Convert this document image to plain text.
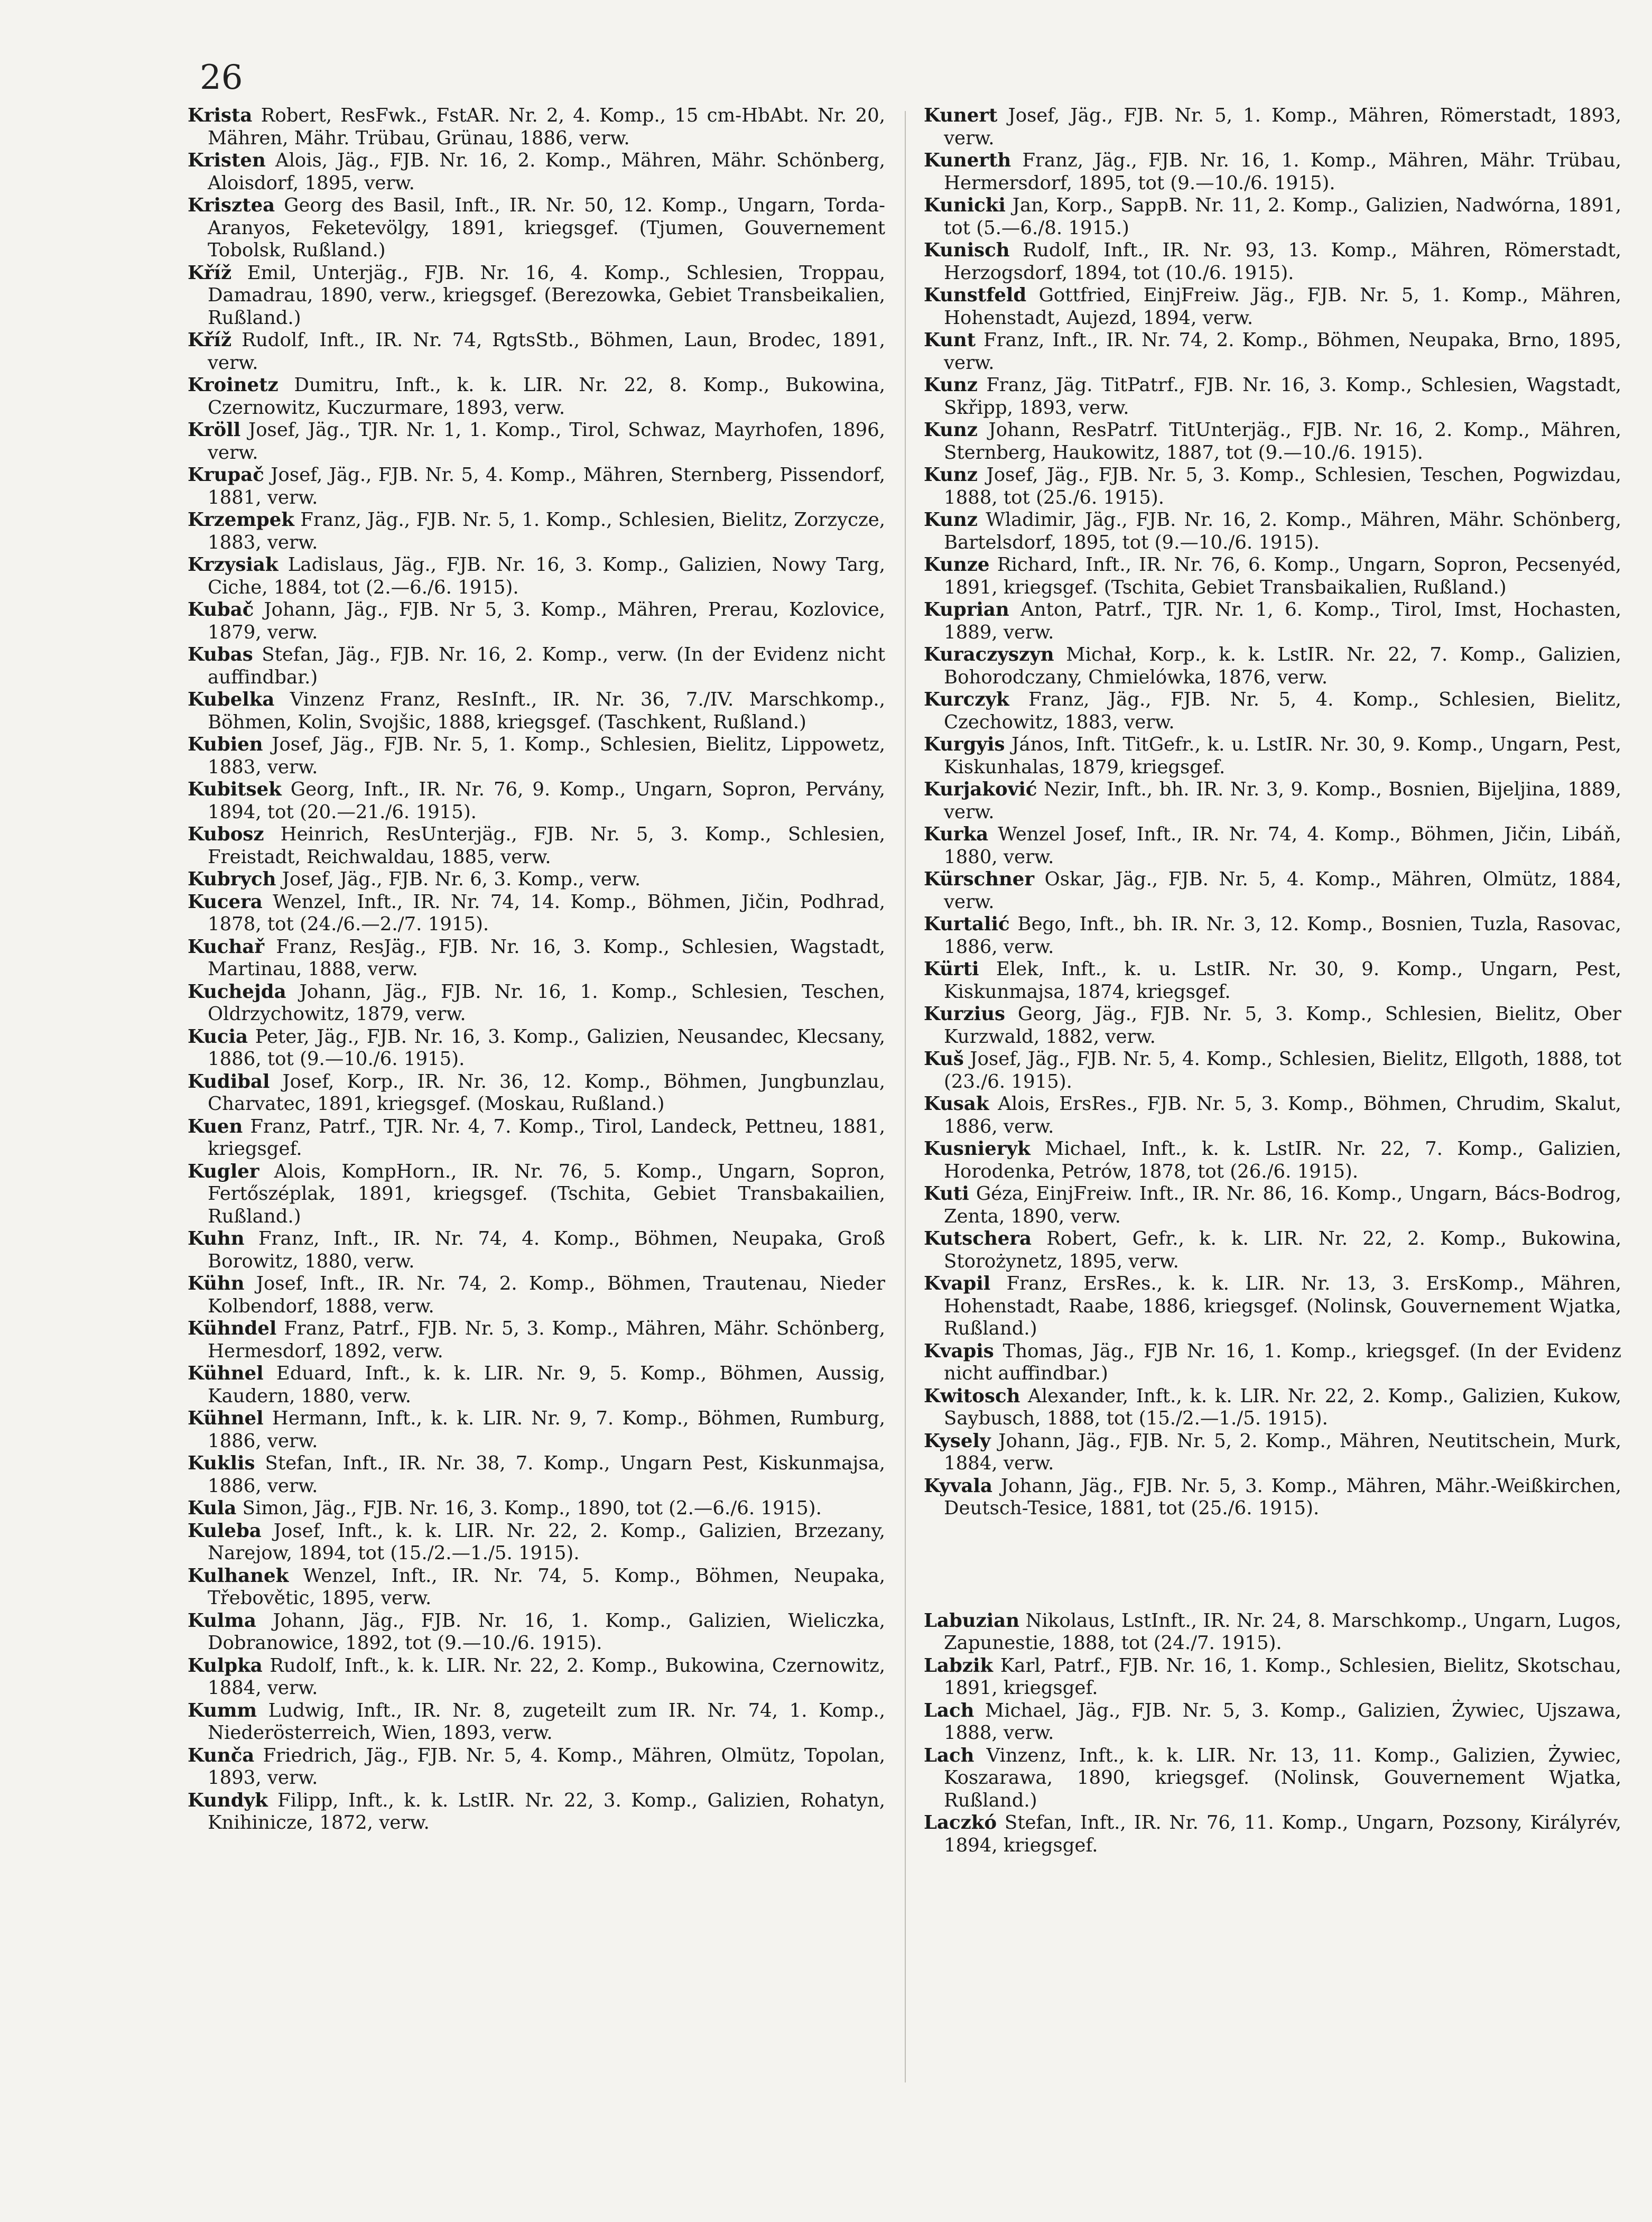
26
Krista Robert, ResFwk., FstAR. Nr. 2, 4. Komp., 15 cm-HbAbt. Nr. 20, Mähren, Mähr. Trübau, Grünau, 1886, verw.
Kristen Alois, Jäg., FJB. Nr. 16, 2. Komp., Mähren, Mähr. Schönberg, Aloisdorf, 1895, verw.
Krisztea Georg des Basil, Inft., IR. Nr. 50, 12. Komp., Ungarn, Torda-Aranyos, Feketevölgy, 1891, kriegsgef. (Tjumen, Gouvernement Tobolsk, Rußland.)
Kříž Emil, Unterjäg., FJB. Nr. 16, 4. Komp., Schlesien, Troppau, Damadrau, 1890, verw., kriegsgef. (Berezowka, Gebiet Transbeikalien, Rußland.)
Kříž Rudolf, Inft., IR. Nr. 74, RgtsStb., Böhmen, Laun, Brodec, 1891, verw.
Kroinetz Dumitru, Inft., k. k. LIR. Nr. 22, 8. Komp., Bukowina, Czernowitz, Kuczurmare, 1893, verw.
Kröll Josef, Jäg., TJR. Nr. 1, 1. Komp., Tirol, Schwaz, Mayrhofen, 1896, verw.
Krupač Josef, Jäg., FJB. Nr. 5, 4. Komp., Mähren, Sternberg, Pissendorf, 1881, verw.
Krzempek Franz, Jäg., FJB. Nr. 5, 1. Komp., Schlesien, Bielitz, Zorzycze, 1883, verw.
Krzysiak Ladislaus, Jäg., FJB. Nr. 16, 3. Komp., Galizien, Nowy Targ, Ciche, 1884, tot (2.—6./6. 1915).
Kubač Johann, Jäg., FJB. Nr 5, 3. Komp., Mähren, Prerau, Kozlovice, 1879, verw.
Kubas Stefan, Jäg., FJB. Nr. 16, 2. Komp., verw. (In der Evidenz nicht auffindbar.)
Kubelka Vinzenz Franz, ResInft., IR. Nr. 36, 7./IV. Marschkomp., Böhmen, Kolin, Svojšic, 1888, kriegsgef. (Taschkent, Rußland.)
Kubien Josef, Jäg., FJB. Nr. 5, 1. Komp., Schlesien, Bielitz, Lippowetz, 1883, verw.
Kubitsek Georg, Inft., IR. Nr. 76, 9. Komp., Ungarn, Sopron, Pervány, 1894, tot (20.—21./6. 1915).
Kubosz Heinrich, ResUnterjäg., FJB. Nr. 5, 3. Komp., Schlesien, Freistadt, Reichwaldau, 1885, verw.
Kubrych Josef, Jäg., FJB. Nr. 6, 3. Komp., verw.
Kucera Wenzel, Inft., IR. Nr. 74, 14. Komp., Böhmen, Jičin, Podhrad, 1878, tot (24./6.—2./7. 1915).
Kuchař Franz, ResJäg., FJB. Nr. 16, 3. Komp., Schlesien, Wagstadt, Martinau, 1888, verw.
Kuchejda Johann, Jäg., FJB. Nr. 16, 1. Komp., Schlesien, Teschen, Oldrzychowitz, 1879, verw.
Kucia Peter, Jäg., FJB. Nr. 16, 3. Komp., Galizien, Neusandec, Klecsany, 1886, tot (9.—10./6. 1915).
Kudibal Josef, Korp., IR. Nr. 36, 12. Komp., Böhmen, Jungbunzlau, Charvatec, 1891, kriegsgef. (Moskau, Rußland.)
Kuen Franz, Patrf., TJR. Nr. 4, 7. Komp., Tirol, Landeck, Pettneu, 1881, kriegsgef.
Kugler Alois, KompHorn., IR. Nr. 76, 5. Komp., Ungarn, Sopron, Fertőszéplak, 1891, kriegsgef. (Tschita, Gebiet Transbakailien, Rußland.)
Kuhn Franz, Inft., IR. Nr. 74, 4. Komp., Böhmen, Neupaka, Groß Borowitz, 1880, verw.
Kühn Josef, Inft., IR. Nr. 74, 2. Komp., Böhmen, Trautenau, Nieder Kolbendorf, 1888, verw.
Kühndel Franz, Patrf., FJB. Nr. 5, 3. Komp., Mähren, Mähr. Schönberg, Hermesdorf, 1892, verw.
Kühnel Eduard, Inft., k. k. LIR. Nr. 9, 5. Komp., Böhmen, Aussig, Kaudern, 1880, verw.
Kühnel Hermann, Inft., k. k. LIR. Nr. 9, 7. Komp., Böhmen, Rumburg, 1886, verw.
Kuklis Stefan, Inft., IR. Nr. 38, 7. Komp., Ungarn Pest, Kiskunmajsa, 1886, verw.
Kula Simon, Jäg., FJB. Nr. 16, 3. Komp., 1890, tot (2.—6./6. 1915).
Kuleba Josef, Inft., k. k. LIR. Nr. 22, 2. Komp., Galizien, Brzezany, Narejow, 1894, tot (15./2.—1./5. 1915).
Kulhanek Wenzel, Inft., IR. Nr. 74, 5. Komp., Böhmen, Neupaka, Třebovětic, 1895, verw.
Kulma Johann, Jäg., FJB. Nr. 16, 1. Komp., Galizien, Wieliczka, Dobranowice, 1892, tot (9.—10./6. 1915).
Kulpka Rudolf, Inft., k. k. LIR. Nr. 22, 2. Komp., Bukowina, Czernowitz, 1884, verw.
Kumm Ludwig, Inft., IR. Nr. 8, zugeteilt zum IR. Nr. 74, 1. Komp., Niederösterreich, Wien, 1893, verw.
Kunča Friedrich, Jäg., FJB. Nr. 5, 4. Komp., Mähren, Olmütz, Topolan, 1893, verw.
Kundyk Filipp, Inft., k. k. LstIR. Nr. 22, 3. Komp., Galizien, Rohatyn, Knihinicze, 1872, verw.
Kunert Josef, Jäg., FJB. Nr. 5, 1. Komp., Mähren, Römerstadt, 1893, verw.
Kunerth Franz, Jäg., FJB. Nr. 16, 1. Komp., Mähren, Mähr. Trübau, Hermersdorf, 1895, tot (9.—10./6. 1915).
Kunicki Jan, Korp., SappB. Nr. 11, 2. Komp., Galizien, Nadwórna, 1891, tot (5.—6./8. 1915.)
Kunisch Rudolf, Inft., IR. Nr. 93, 13. Komp., Mähren, Römerstadt, Herzogsdorf, 1894, tot (10./6. 1915).
Kunstfeld Gottfried, EinjFreiw. Jäg., FJB. Nr. 5, 1. Komp., Mähren, Hohenstadt, Aujezd, 1894, verw.
Kunt Franz, Inft., IR. Nr. 74, 2. Komp., Böhmen, Neupaka, Brno, 1895, verw.
Kunz Franz, Jäg. TitPatrf., FJB. Nr. 16, 3. Komp., Schlesien, Wagstadt, Skřipp, 1893, verw.
Kunz Johann, ResPatrf. TitUnterjäg., FJB. Nr. 16, 2. Komp., Mähren, Sternberg, Haukowitz, 1887, tot (9.—10./6. 1915).
Kunz Josef, Jäg., FJB. Nr. 5, 3. Komp., Schlesien, Teschen, Pogwizdau, 1888, tot (25./6. 1915).
Kunz Wladimir, Jäg., FJB. Nr. 16, 2. Komp., Mähren, Mähr. Schönberg, Bartelsdorf, 1895, tot (9.—10./6. 1915).
Kunze Richard, Inft., IR. Nr. 76, 6. Komp., Ungarn, Sopron, Pecsenyéd, 1891, kriegsgef. (Tschita, Gebiet Transbaikalien, Rußland.)
Kuprian Anton, Patrf., TJR. Nr. 1, 6. Komp., Tirol, Imst, Hochasten, 1889, verw.
Kuraczyszyn Michał, Korp., k. k. LstIR. Nr. 22, 7. Komp., Galizien, Bohorodczany, Chmielówka, 1876, verw.
Kurczyk Franz, Jäg., FJB. Nr. 5, 4. Komp., Schlesien, Bielitz, Czechowitz, 1883, verw.
Kurgyis János, Inft. TitGefr., k. u. LstIR. Nr. 30, 9. Komp., Ungarn, Pest, Kiskunhalas, 1879, kriegsgef.
Kurjaković Nezir, Inft., bh. IR. Nr. 3, 9. Komp., Bosnien, Bijeljina, 1889, verw.
Kurka Wenzel Josef, Inft., IR. Nr. 74, 4. Komp., Böhmen, Jičin, Libáň, 1880, verw.
Kürschner Oskar, Jäg., FJB. Nr. 5, 4. Komp., Mähren, Olmütz, 1884, verw.
Kurtalić Bego, Inft., bh. IR. Nr. 3, 12. Komp., Bosnien, Tuzla, Rasovac, 1886, verw.
Kürti Elek, Inft., k. u. LstIR. Nr. 30, 9. Komp., Ungarn, Pest, Kiskunmajsa, 1874, kriegsgef.
Kurzius Georg, Jäg., FJB. Nr. 5, 3. Komp., Schlesien, Bielitz, Ober Kurzwald, 1882, verw.
Kuš Josef, Jäg., FJB. Nr. 5, 4. Komp., Schlesien, Bielitz, Ellgoth, 1888, tot (23./6. 1915).
Kusak Alois, ErsRes., FJB. Nr. 5, 3. Komp., Böhmen, Chrudim, Skalut, 1886, verw.
Kusnieryk Michael, Inft., k. k. LstIR. Nr. 22, 7. Komp., Galizien, Horodenka, Petrów, 1878, tot (26./6. 1915).
Kuti Géza, EinjFreiw. Inft., IR. Nr. 86, 16. Komp., Ungarn, Bács-Bodrog, Zenta, 1890, verw.
Kutschera Robert, Gefr., k. k. LIR. Nr. 22, 2. Komp., Bukowina, Storożynetz, 1895, verw.
Kvapil Franz, ErsRes., k. k. LIR. Nr. 13, 3. ErsKomp., Mähren, Hohenstadt, Raabe, 1886, kriegsgef. (Nolinsk, Gouvernement Wjatka, Rußland.)
Kvapis Thomas, Jäg., FJB Nr. 16, 1. Komp., kriegsgef. (In der Evidenz nicht auffindbar.)
Kwitosch Alexander, Inft., k. k. LIR. Nr. 22, 2. Komp., Galizien, Kukow, Saybusch, 1888, tot (15./2.—1./5. 1915).
Kysely Johann, Jäg., FJB. Nr. 5, 2. Komp., Mähren, Neutitschein, Murk, 1884, verw.
Kyvala Johann, Jäg., FJB. Nr. 5, 3. Komp., Mähren, Mähr.-Weißkirchen, Deutsch-Tesice, 1881, tot (25./6. 1915).
Labuzian Nikolaus, LstInft., IR. Nr. 24, 8. Marschkomp., Ungarn, Lugos, Zapunestie, 1888, tot (24./7. 1915).
Labzik Karl, Patrf., FJB. Nr. 16, 1. Komp., Schlesien, Bielitz, Skotschau, 1891, kriegsgef.
Lach Michael, Jäg., FJB. Nr. 5, 3. Komp., Galizien, Żywiec, Ujszawa, 1888, verw.
Lach Vinzenz, Inft., k. k. LIR. Nr. 13, 11. Komp., Galizien, Żywiec, Koszarawa, 1890, kriegsgef. (Nolinsk, Gouvernement Wjatka, Rußland.)
Laczkó Stefan, Inft., IR. Nr. 76, 11. Komp., Ungarn, Pozsony, Királyrév, 1894, kriegsgef.
